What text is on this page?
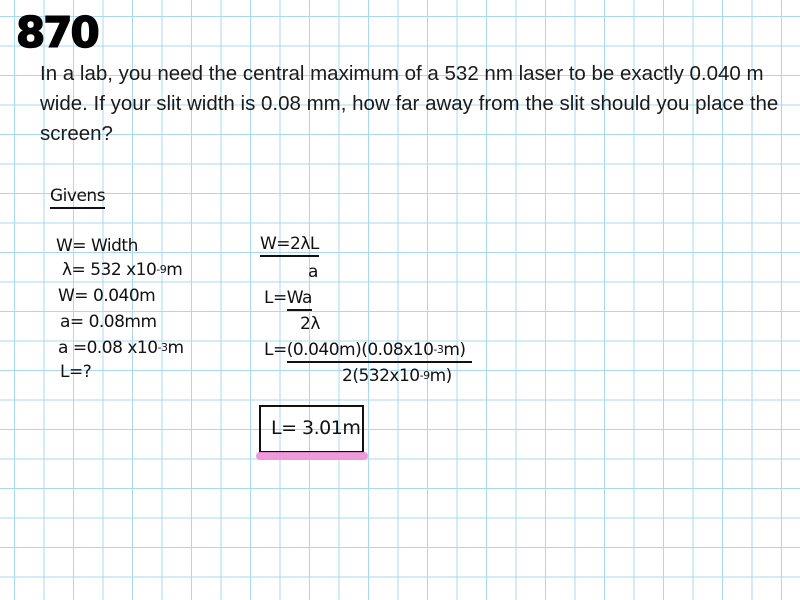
870
In a lab, you need the central maximum of a 532 nm laser to be exactly 0.040 m wide. If your slit width is 0.08 mm, how far away from the slit should you place the screen?
Givens
W= Width
λ= 532 $x10^{-9}m$
W= 0.040m
a= 0.08mm
a =0.08 $x10^{-3}m$
L=?
W=2λL
a
L=Wa
2λ
$L=(0.040m)(0.08x10^{-3}m)$
$2(532x10^{-9}m)$
L= 3.01m
